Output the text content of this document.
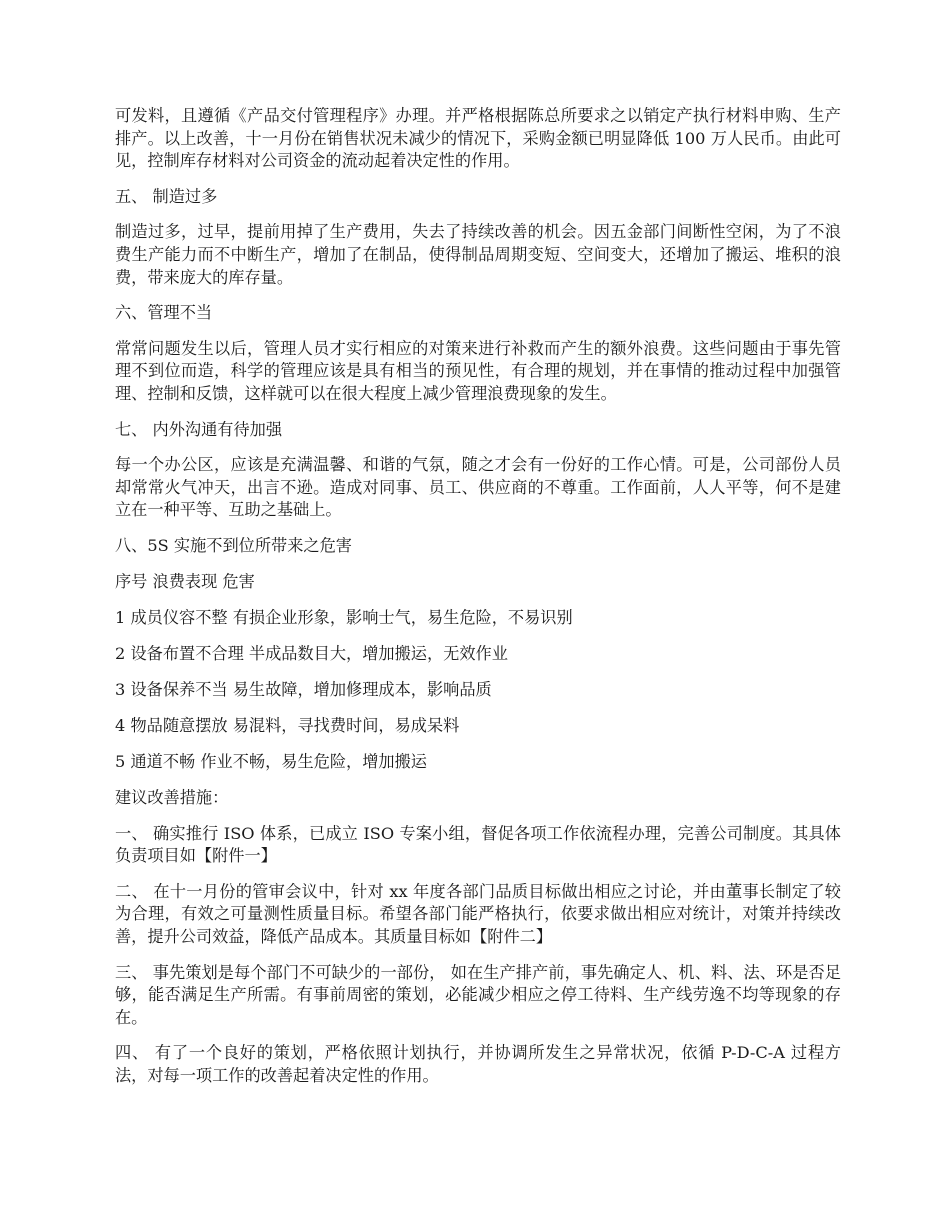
可发料，且遵循《产品交付管理程序》办理。并严格根据陈总所要求之以销定产执行材料申购、生产排产。以上改善，十一月份在销售状况未减少的情况下，采购金额已明显降低 100 万人民币。由此可见，控制库存材料对公司资金的流动起着决定性的作用。

五、 制造过多

制造过多，过早，提前用掉了生产费用，失去了持续改善的机会。因五金部门间断性空闲，为了不浪费生产能力而不中断生产，增加了在制品，使得制品周期变短、空间变大，还增加了搬运、堆积的浪费，带来庞大的库存量。

六、管理不当

常常问题发生以后，管理人员才实行相应的对策来进行补救而产生的额外浪费。这些问题由于事先管理不到位而造，科学的管理应该是具有相当的预见性，有合理的规划，并在事情的推动过程中加强管理、控制和反馈，这样就可以在很大程度上减少管理浪费现象的发生。

七、 内外沟通有待加强

每一个办公区，应该是充满温馨、和谐的气氛，随之才会有一份好的工作心情。可是，公司部份人员却常常火气冲天，出言不逊。造成对同事、员工、供应商的不尊重。工作面前，人人平等，何不是建立在一种平等、互助之基础上。

八、5S 实施不到位所带来之危害

序号 浪费表现 危害

1 成员仪容不整 有损企业形象，影响士气，易生危险，不易识别

2 设备布置不合理 半成品数目大，增加搬运，无效作业

3 设备保养不当 易生故障，增加修理成本，影响品质

4 物品随意摆放 易混料，寻找费时间，易成呆料

5 通道不畅 作业不畅，易生危险，增加搬运

建议改善措施：

一、 确实推行 ISO 体系，已成立 ISO 专案小组，督促各项工作依流程办理，完善公司制度。其具体负责项目如【附件一】

二、 在十一月份的管审会议中，针对 xx 年度各部门品质目标做出相应之讨论，并由董事长制定了较为合理，有效之可量测性质量目标。希望各部门能严格执行，依要求做出相应对统计，对策并持续改善，提升公司效益，降低产品成本。其质量目标如【附件二】

三、 事先策划是每个部门不可缺少的一部份， 如在生产排产前，事先确定人、机、料、法、环是否足够，能否满足生产所需。有事前周密的策划，必能减少相应之停工待料、生产线劳逸不均等现象的存在。

四、 有了一个良好的策划，严格依照计划执行，并协调所发生之异常状况，依循 P-D-C-A 过程方法，对每一项工作的改善起着决定性的作用。
